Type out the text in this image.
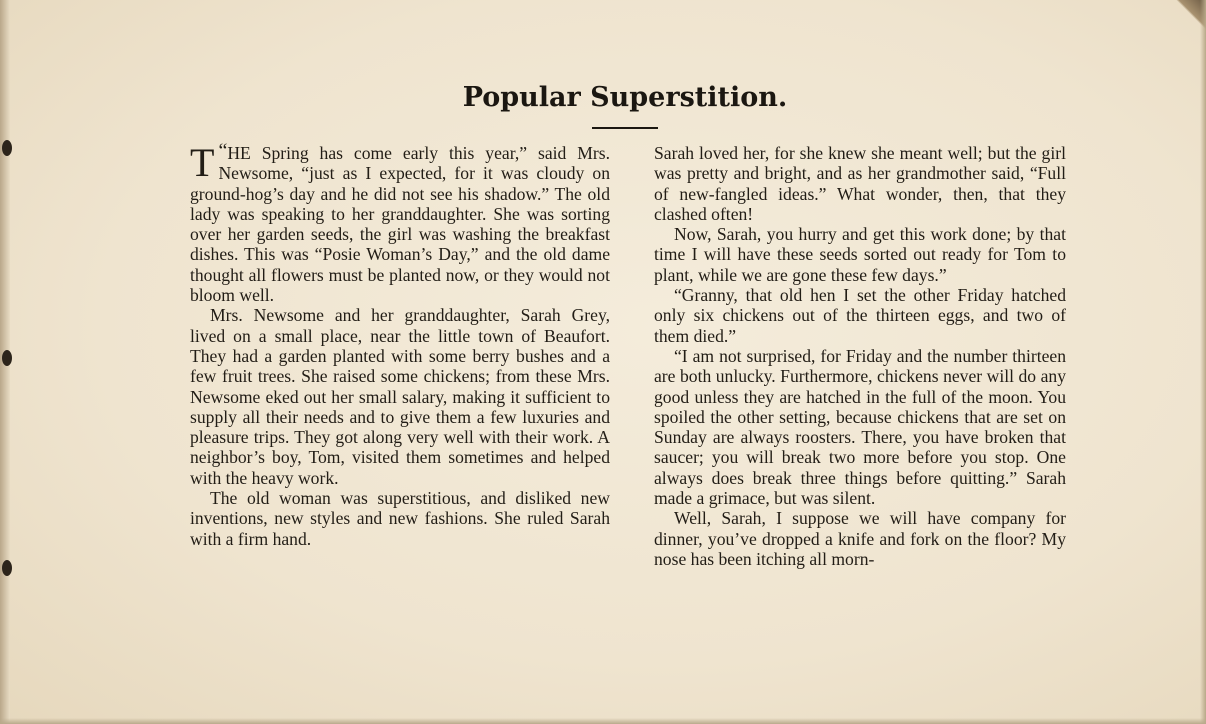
Popular Superstition.

“
T HE Spring has come early this year,” said Mrs. Newsome, “just as I expected, for it was cloudy on ground-hog’s day and he did not see his shadow.” The old lady was speaking to her granddaughter. She was sorting over her garden seeds, the girl was washing the breakfast dishes. This was “Posie Woman’s Day,” and the old dame thought all flowers must be planted now, or they would not bloom well.

Mrs. Newsome and her granddaughter, Sarah Grey, lived on a small place, near the little town of Beaufort. They had a garden planted with some berry bushes and a few fruit trees. She raised some chickens; from these Mrs. Newsome eked out her small salary, making it sufficient to supply all their needs and to give them a few luxuries and pleasure trips. They got along very well with their work. A neighbor’s boy, Tom, visited them sometimes and helped with the heavy work.

The old woman was superstitious, and disliked new inventions, new styles and new fashions. She ruled Sarah with a firm hand.

Sarah loved her, for she knew she meant well; but the girl was pretty and bright, and as her grandmother said, “Full of new-fangled ideas.” What wonder, then, that they clashed often!

Now, Sarah, you hurry and get this work done; by that time I will have these seeds sorted out ready for Tom to plant, while we are gone these few days.”

“Granny, that old hen I set the other Friday hatched only six chickens out of the thirteen eggs, and two of them died.”

“I am not surprised, for Friday and the number thirteen are both unlucky. Furthermore, chickens never will do any good unless they are hatched in the full of the moon. You spoiled the other setting, because chickens that are set on Sunday are always roosters. There, you have broken that saucer; you will break two more before you stop. One always does break three things before quitting.” Sarah made a grimace, but was silent.

Well, Sarah, I suppose we will have company for dinner, you’ve dropped a knife and fork on the floor? My nose has been itching all morn-
